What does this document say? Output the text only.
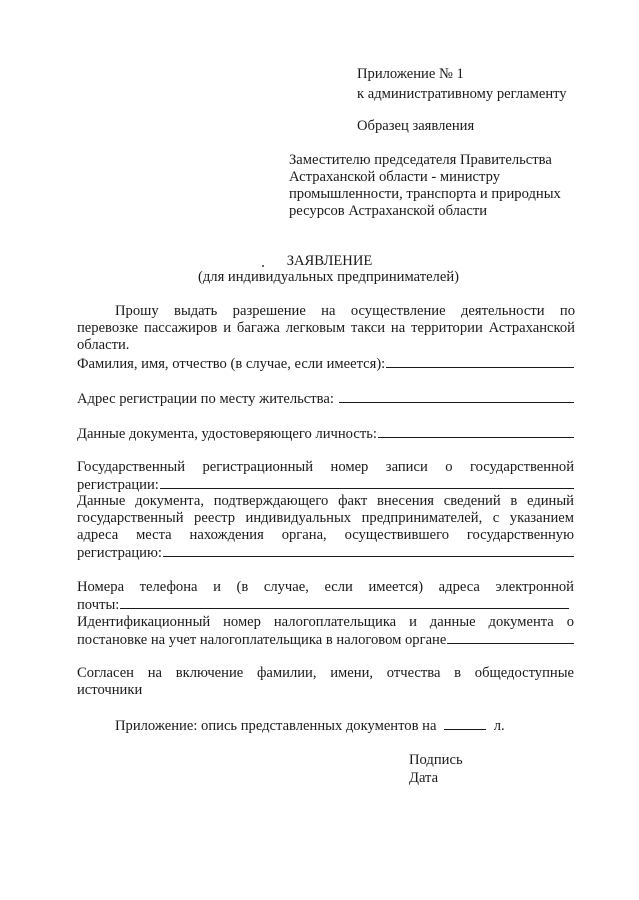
Приложение № 1
к административному регламенту
Образец заявления
Заместителю председателя Правительства
Астраханской области - министру
промышленности, транспорта и природных
ресурсов Астраханской области
ЗАЯВЛЕНИЕ
(для индивидуальных предпринимателей)
Прошу выдать разрешение на осуществление деятельности по
перевозке пассажиров и багажа легковым такси на территории Астраханской
области.
Фамилия, имя, отчество (в случае, если имеется):
Адрес регистрации по месту жительства:
Данные документа, удостоверяющего личность:
Государственный регистрационный номер записи о государственной
регистрации:
Данные документа, подтверждающего факт внесения сведений в единый
государственный реестр индивидуальных предпринимателей, с указанием
адреса места нахождения органа, осуществившего государственную
регистрацию:
Номера телефона и (в случае, если имеется) адреса электронной
почты:
Идентификационный номер налогоплательщика и данные документа о
постановке на учет налогоплательщика в налоговом органе
Согласен на включение фамилии, имени, отчества в общедоступные
источники
Приложение: опись представленных документов на	л.
Подпись
Дата
